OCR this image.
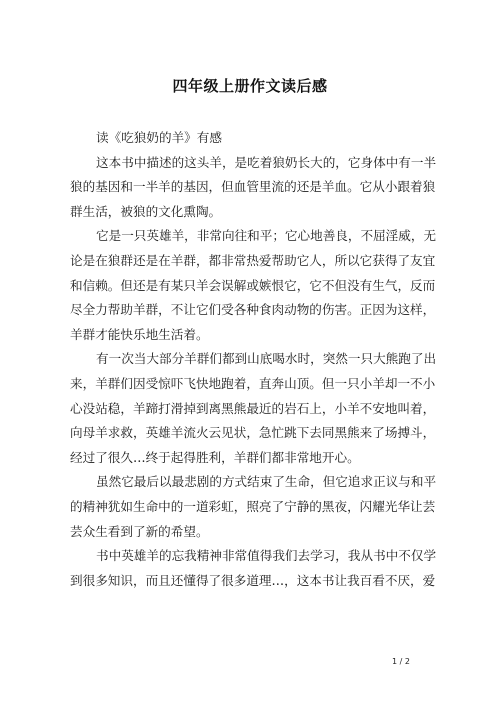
四年级上册作文读后感
读《吃狼奶的羊》有感
这本书中描述的这头羊，是吃着狼奶长大的，它身体中有一半
狼的基因和一半羊的基因，但血管里流的还是羊血。它从小跟着狼
群生活，被狼的文化熏陶。
它是一只英雄羊，非常向往和平；它心地善良，不屈淫威，无
论是在狼群还是在羊群，都非常热爱帮助它人，所以它获得了友宜
和信赖。但还是有某只羊会误解或嫉恨它，它不但没有生气，反而
尽全力帮助羊群，不让它们受各种食肉动物的伤害。正因为这样，
羊群才能快乐地生活着。
有一次当大部分羊群们都到山底喝水时，突然一只大熊跑了出
来，羊群们因受惊吓飞快地跑着，直奔山顶。但一只小羊却一不小
心没站稳，羊蹄打滑掉到离黑熊最近的岩石上，小羊不安地叫着，
向母羊求救，英雄羊流火云见状，急忙跳下去同黑熊来了场搏斗，
经过了很久…终于起得胜利，羊群们都非常地开心。
虽然它最后以最悲剧的方式结束了生命，但它追求正议与和平
的精神犹如生命中的一道彩虹，照亮了宁静的黑夜，闪耀光华让芸
芸众生看到了新的希望。
书中英雄羊的忘我精神非常值得我们去学习，我从书中不仅学
到很多知识，而且还懂得了很多道理…，这本书让我百看不厌，爱
1 / 2
